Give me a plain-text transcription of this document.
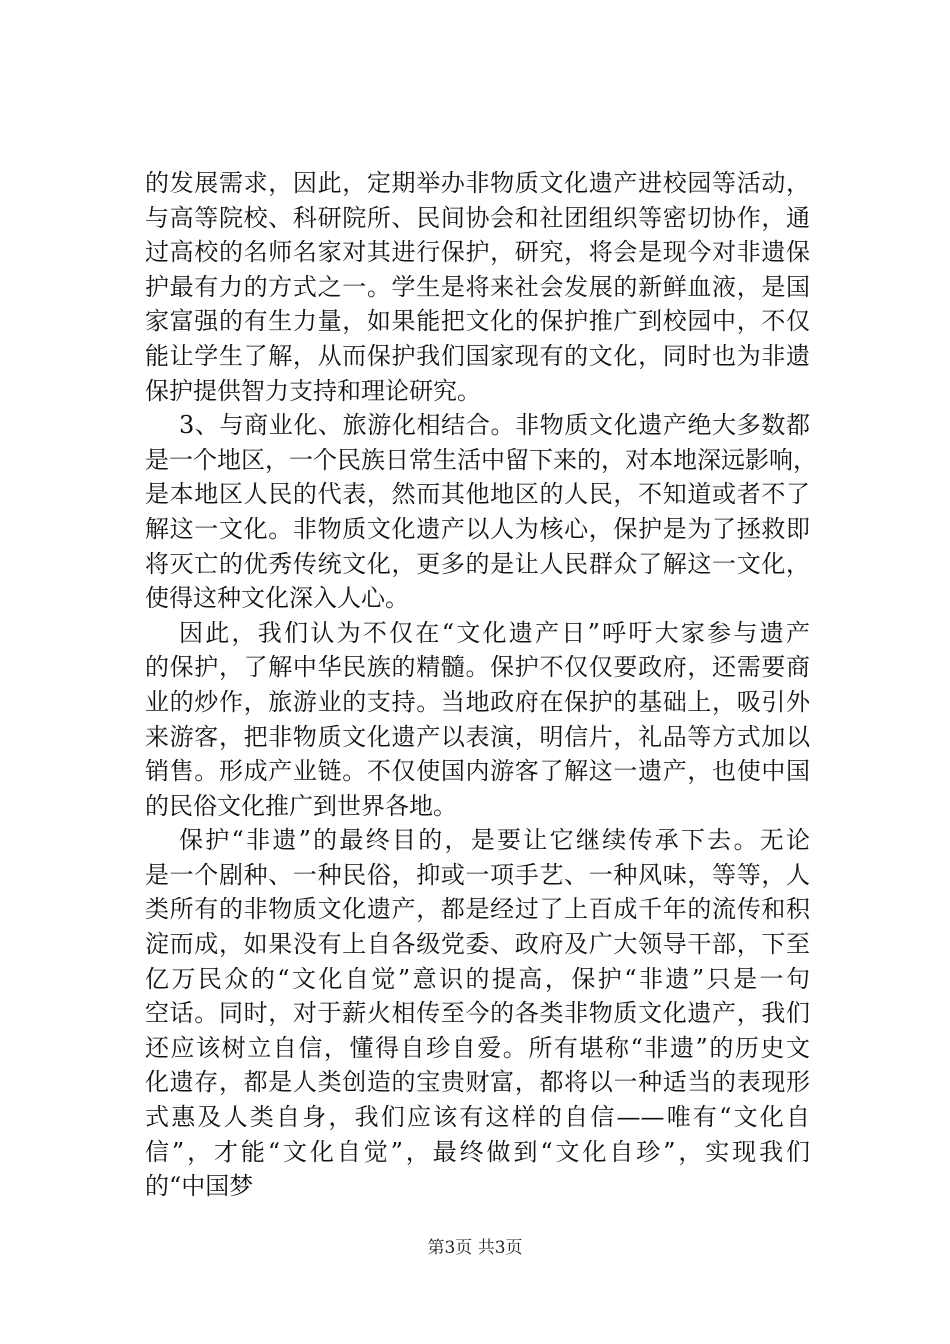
的发展需求，因此，定期举办非物质文化遗产进校园等活动，
与高等院校、科研院所、民间协会和社团组织等密切协作，通
过高校的名师名家对其进行保护，研究，将会是现今对非遗保
护最有力的方式之一。学生是将来社会发展的新鲜血液，是国
家富强的有生力量，如果能把文化的保护推广到校园中，不仅
能让学生了解，从而保护我们国家现有的文化，同时也为非遗
保护提供智力支持和理论研究。
3、与商业化、旅游化相结合。非物质文化遗产绝大多数都
是一个地区，一个民族日常生活中留下来的，对本地深远影响，
是本地区人民的代表，然而其他地区的人民，不知道或者不了
解这一文化。非物质文化遗产以人为核心，保护是为了拯救即
将灭亡的优秀传统文化，更多的是让人民群众了解这一文化，
使得这种文化深入人心。
因此，我们认为不仅在“文化遗产日”呼吁大家参与遗产
的保护，了解中华民族的精髓。保护不仅仅要政府，还需要商
业的炒作，旅游业的支持。当地政府在保护的基础上，吸引外
来游客，把非物质文化遗产以表演，明信片，礼品等方式加以
销售。形成产业链。不仅使国内游客了解这一遗产，也使中国
的民俗文化推广到世界各地。
保护“非遗”的最终目的，是要让它继续传承下去。无论
是一个剧种、一种民俗，抑或一项手艺、一种风味，等等，人
类所有的非物质文化遗产，都是经过了上百成千年的流传和积
淀而成，如果没有上自各级党委、政府及广大领导干部，下至
亿万民众的“文化自觉”意识的提高，保护“非遗”只是一句
空话。同时，对于薪火相传至今的各类非物质文化遗产，我们
还应该树立自信，懂得自珍自爱。所有堪称“非遗”的历史文
化遗存，都是人类创造的宝贵财富，都将以一种适当的表现形
式惠及人类自身，我们应该有这样的自信——唯有“文化自
信”，才能“文化自觉”，最终做到“文化自珍”，实现我们
的“中国梦
第3页 共3页
